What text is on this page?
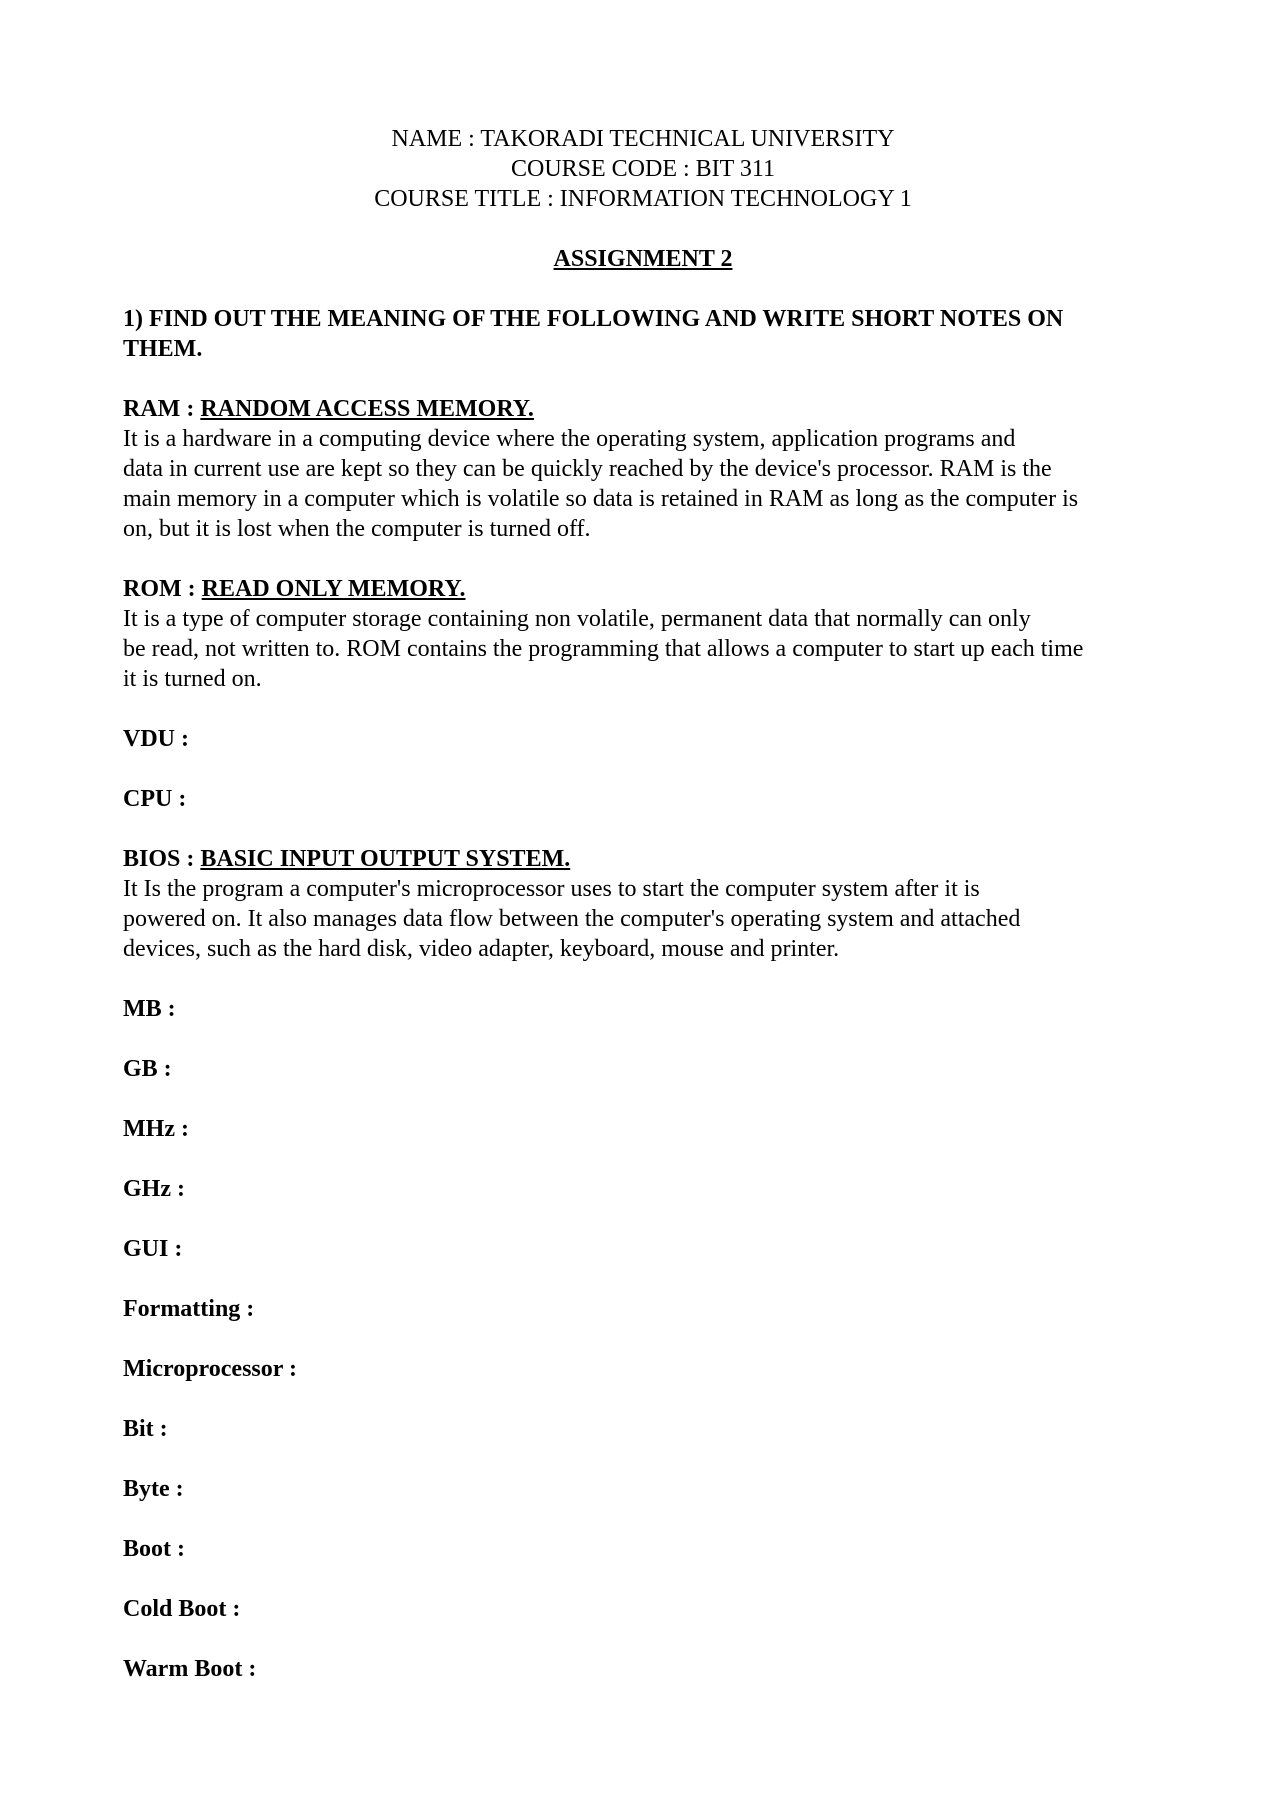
NAME : TAKORADI TECHNICAL UNIVERSITY
COURSE CODE : BIT 311
COURSE TITLE : INFORMATION TECHNOLOGY 1
ASSIGNMENT 2
1) FIND OUT THE MEANING OF THE FOLLOWING AND WRITE SHORT NOTES ON
THEM.
RAM : RANDOM ACCESS MEMORY.
It is a hardware in a computing device where the operating system, application programs and
data in current use are kept so they can be quickly reached by the device's processor. RAM is the
main memory in a computer which is volatile so data is retained in RAM as long as the computer is
on, but it is lost when the computer is turned off.
ROM : READ ONLY MEMORY.
It is a type of computer storage containing non volatile, permanent data that normally can only
be read, not written to. ROM contains the programming that allows a computer to start up each time
it is turned on.
VDU :
CPU :
BIOS : BASIC INPUT OUTPUT SYSTEM.
It Is the program a computer's microprocessor uses to start the computer system after it is
powered on. It also manages data flow between the computer's operating system and attached
devices, such as the hard disk, video adapter, keyboard, mouse and printer.
MB :
GB :
MHz :
GHz :
GUI :
Formatting :
Microprocessor :
Bit :
Byte :
Boot :
Cold Boot :
Warm Boot :
